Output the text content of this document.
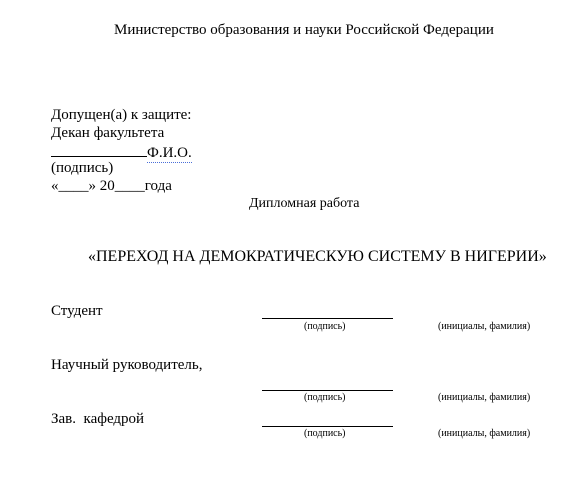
Министерство образования и науки Российской Федерации
Допущен(а) к защите:
Декан факультета
Ф.И.О.
(подпись)
«____» 20____года
Дипломная работа
«ПЕРЕХОД НА ДЕМОКРАТИЧЕСКУЮ СИСТЕМУ В НИГЕРИИ»
Студент
(подпись)	(инициалы, фамилия)
Научный руководитель,
(подпись)	(инициалы, фамилия)
Зав.  кафедрой
(подпись)	(инициалы, фамилия)
